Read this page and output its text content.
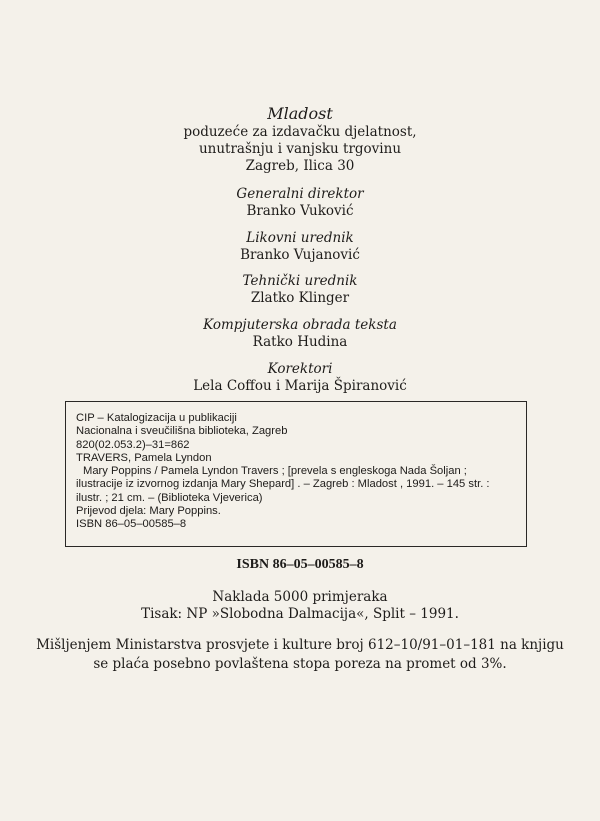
Mladost
poduzeće za izdavačku djelatnost,
unutrašnju i vanjsku trgovinu
Zagreb, Ilica 30
Generalni direktor
Branko Vuković
Likovni urednik
Branko Vujanović
Tehnički urednik
Zlatko Klinger
Kompjuterska obrada teksta
Ratko Hudina
Korektori
Lela Coffou i Marija Špiranović
CIP – Katalogizacija u publikaciji
Nacionalna i sveučilišna biblioteka, Zagreb
820(02.053.2)–31=862
TRAVERS, Pamela Lyndon
Mary Poppins / Pamela Lyndon Travers ; [prevela s engleskoga Nada Šoljan ;
ilustracije iz izvornog izdanja Mary Shepard] . – Zagreb : Mladost , 1991. – 145 str. :
ilustr. ; 21 cm. – (Biblioteka Vjeverica)
Prijevod djela: Mary Poppins.
ISBN 86–05–00585–8
ISBN 86–05–00585–8
Naklada 5000 primjeraka
Tisak: NP »Slobodna Dalmacija«, Split – 1991.
Mišljenjem Ministarstva prosvjete i kulture broj 612–10/91–01–181 na knjigu
se plaća posebno povlaštena stopa poreza na promet od 3%.
